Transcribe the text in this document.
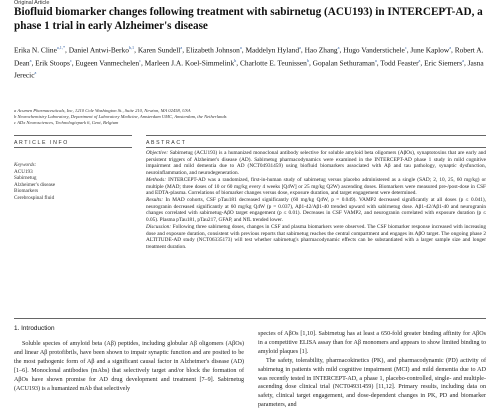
Original Article
Biofluid biomarker changes following treatment with sabirnetug (ACU193) in INTERCEPT-AD, a phase 1 trial in early Alzheimer's disease
Erika N. Cline$^{a,1,*}$, Daniel Antwi-Berko$^{b,1}$, Karen Sundell$^a$, Elizabeth Johnson$^a$, Maddelyn Hyland$^a$, Hao Zhang$^a$, Hugo Vanderstichele$^c$, June Kaplow$^a$, Robert A. Dean$^a$, Erik Stoops$^c$, Eugeen Vanmechelen$^c$, Marleen J.A. Koel-Simmelink$^b$, Charlotte E. Teunissen$^b$, Gopalan Sethuraman$^a$, Todd Feaster$^a$, Eric Siemers$^a$, Jasna Jerecic$^a$
a Acumen Pharmaceuticals, Inc, 1210 Cole Washington St., Suite 210, Newton, MA 02458, USA
b Neurochemistry Laboratory, Department of Laboratory Medicine, Amsterdam UMC, Amsterdam, the Netherlands
c ADx Neurosciences, Technologiepark 6, Gent, Belgium
ARTICLE INFO	ABSTRACT
Keywords:
ACU193
Sabirnetug
Alzheimer's disease
Biomarkers
Cerebrospinal fluid

Objective: Sabirnetug (ACU193) is a humanized monoclonal antibody selective for soluble amyloid beta oligomers (AβOs), synaptotoxins that are early and persistent triggers of Alzheimer's disease (AD). Sabirnetug pharmacodynamics were examined in the INTERCEPT-AD phase 1 study in mild cognitive impairment and mild dementia due to AD (NCT04931459) using biofluid biomarkers associated with Aβ and tau pathology, synaptic dysfunction, neuroinflammation, and neurodegeneration.

Methods: INTERCEPT-AD was a randomized, first-in-human study of sabirnetug versus placebo administered as a single (SAD; 2, 10, 25, 60 mg/kg) or multiple (MAD; three doses of 10 or 60 mg/kg every 4 weeks [Q4W] or 25 mg/kg Q2W) ascending doses. Biomarkers were measured pre-/post-dose in CSF and EDTA-plasma. Correlations of biomarker changes versus dose, exposure duration, and target engagement were determined.

Results: In MAD cohorts, CSF pTau181 decreased significantly (60 mg/kg Q4W, p = 0.049). VAMP2 decreased significantly at all doses (p ≤ 0.041), neurogranin decreased significantly at 60 mg/kg Q4W (p = 0.037), Aβ1-42/Aβ1-40 trended upward with sabirnetug dose. Aβ1-42/Aβ1-40 and neurogranin changes correlated with sabirnetug-AβO target engagement (p ≤ 0.01). Decreases in CSF VAMP2, and neurogranin correlated with exposure duration (p ≤ 0.05). Plasma pTau181, pTau217, GFAP, and NfL trended lower.

Discussion: Following three sabirnetug doses, changes in CSF and plasma biomarkers were observed. The CSF biomarker response increased with increasing dose and exposure duration, consistent with previous reports that sabirnetug reaches the central compartment and engages its AβO target. The ongoing phase 2 ALTITUDE-AD study (NCT06335173) will test whether sabirnetug's pharmacodynamic effects can be substantiated with a larger sample size and longer treatment duration.

1. Introduction

Soluble species of amyloid beta (Aβ) peptides, including globular Aβ oligomers (AβOs) and linear Aβ protofibrils, have been shown to impair synaptic function and are posited to be the most pathogenic form of Aβ and a significant causal factor in Alzheimer's disease (AD) [1–6]. Monoclonal antibodies (mAbs) that selectively target and/or block the formation of AβOs have shown promise for AD drug development and treatment [7–9]. Sabirnetug (ACU193) is a humanized mAb that selectively

species of AβOs [1,10]. Sabirnetug has at least a 650-fold greater binding affinity for AβOs in a competitive ELISA assay than for Aβ monomers and appears to show limited binding to amyloid plaques [1].

The safety, tolerability, pharmacokinetics (PK), and pharmacodynamic (PD) activity of sabirnetug in patients with mild cognitive impairment (MCI) and mild dementia due to AD was recently tested in INTERCEPT-AD, a phase 1, placebo-controlled, single- and multiple-ascending dose clinical trial (NCT04931459) [11,12]. Primary results, including data on safety, clinical target engagement, and dose-dependent changes in PK, PD and biomarker parameters, and
